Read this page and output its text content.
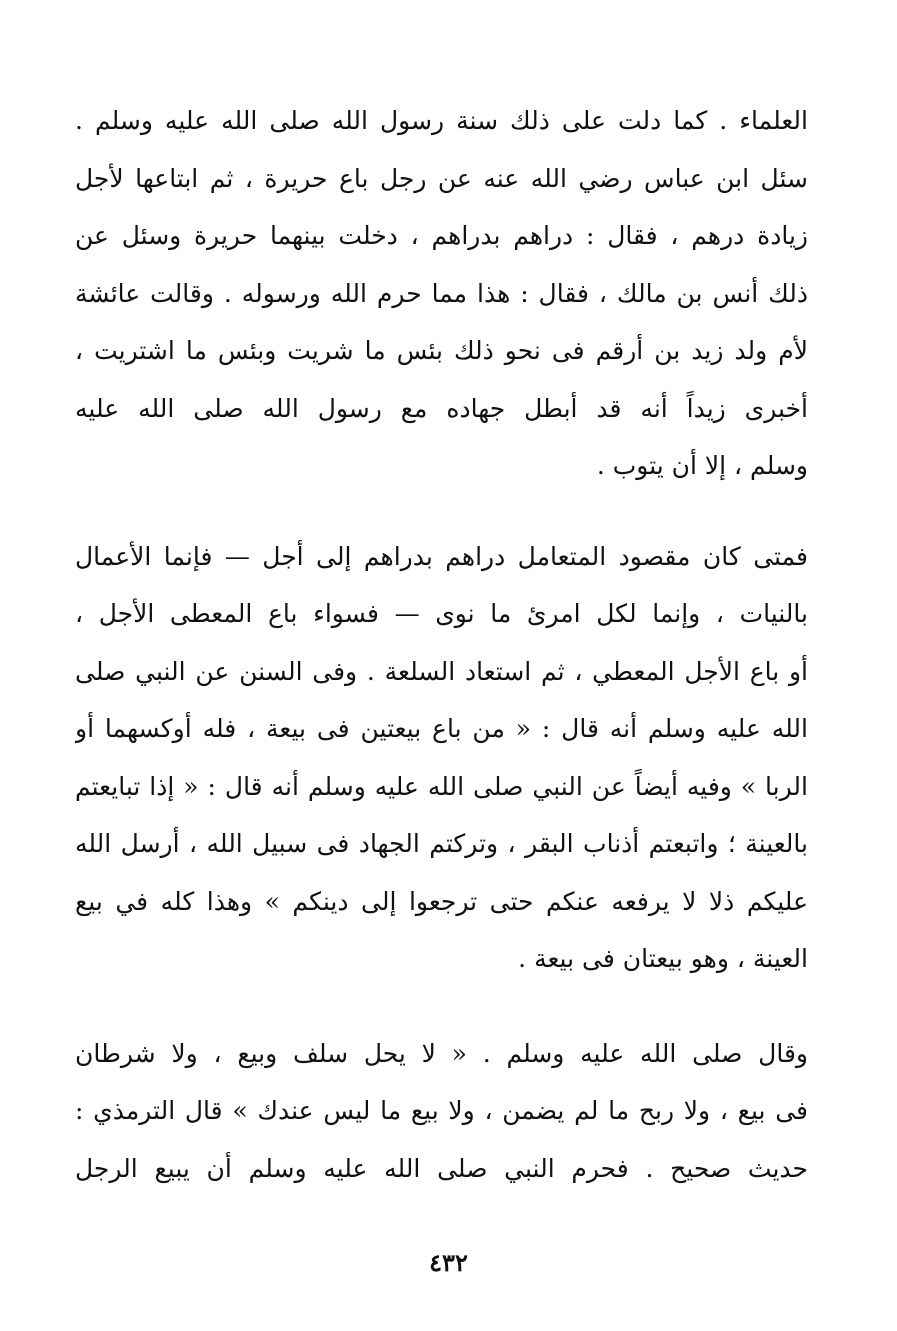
العلماء . كما دلت على ذلك سنة رسول الله صلى الله عليه وسلم .
سئل ابن عباس رضي الله عنه عن رجل باع حريرة ، ثم ابتاعها لأجل
زيادة درهم ، فقال : دراهم بدراهم ، دخلت بينهما حريرة وسئل عن
ذلك أنس بن مالك ، فقال : هذا مما حرم الله ورسوله . وقالت عائشة
لأم ولد زيد بن أرقم فى نحو ذلك بئس ما شريت وبئس ما اشتريت ،
أخبرى زيداً أنه قد أبطل جهاده مع رسول الله صلى الله عليه
وسلم ، إلا أن يتوب .

فمتى كان مقصود المتعامل دراهم بدراهم إلى أجل — فإنما الأعمال
بالنيات ، وإنما لكل امرئ ما نوى — فسواء باع المعطى الأجل ،
أو باع الأجل المعطي ، ثم استعاد السلعة . وفى السنن عن النبي صلى
الله عليه وسلم أنه قال : « من باع بيعتين فى بيعة ، فله أوكسهما أو
الربا » وفيه أيضاً عن النبي صلى الله عليه وسلم أنه قال : « إذا تبايعتم
بالعينة ؛ واتبعتم أذناب البقر ، وتركتم الجهاد فى سبيل الله ، أرسل الله
عليكم ذلا لا يرفعه عنكم حتى ترجعوا إلى دينكم » وهذا كله في بيع
العينة ، وهو بيعتان فى بيعة .

وقال صلى الله عليه وسلم . « لا يحل سلف وبيع ، ولا شرطان
فى بيع ، ولا ربح ما لم يضمن ، ولا بيع ما ليس عندك » قال الترمذي :
حديث صحيح . فحرم النبي صلى الله عليه وسلم أن يبيع الرجل

٤٣٢
